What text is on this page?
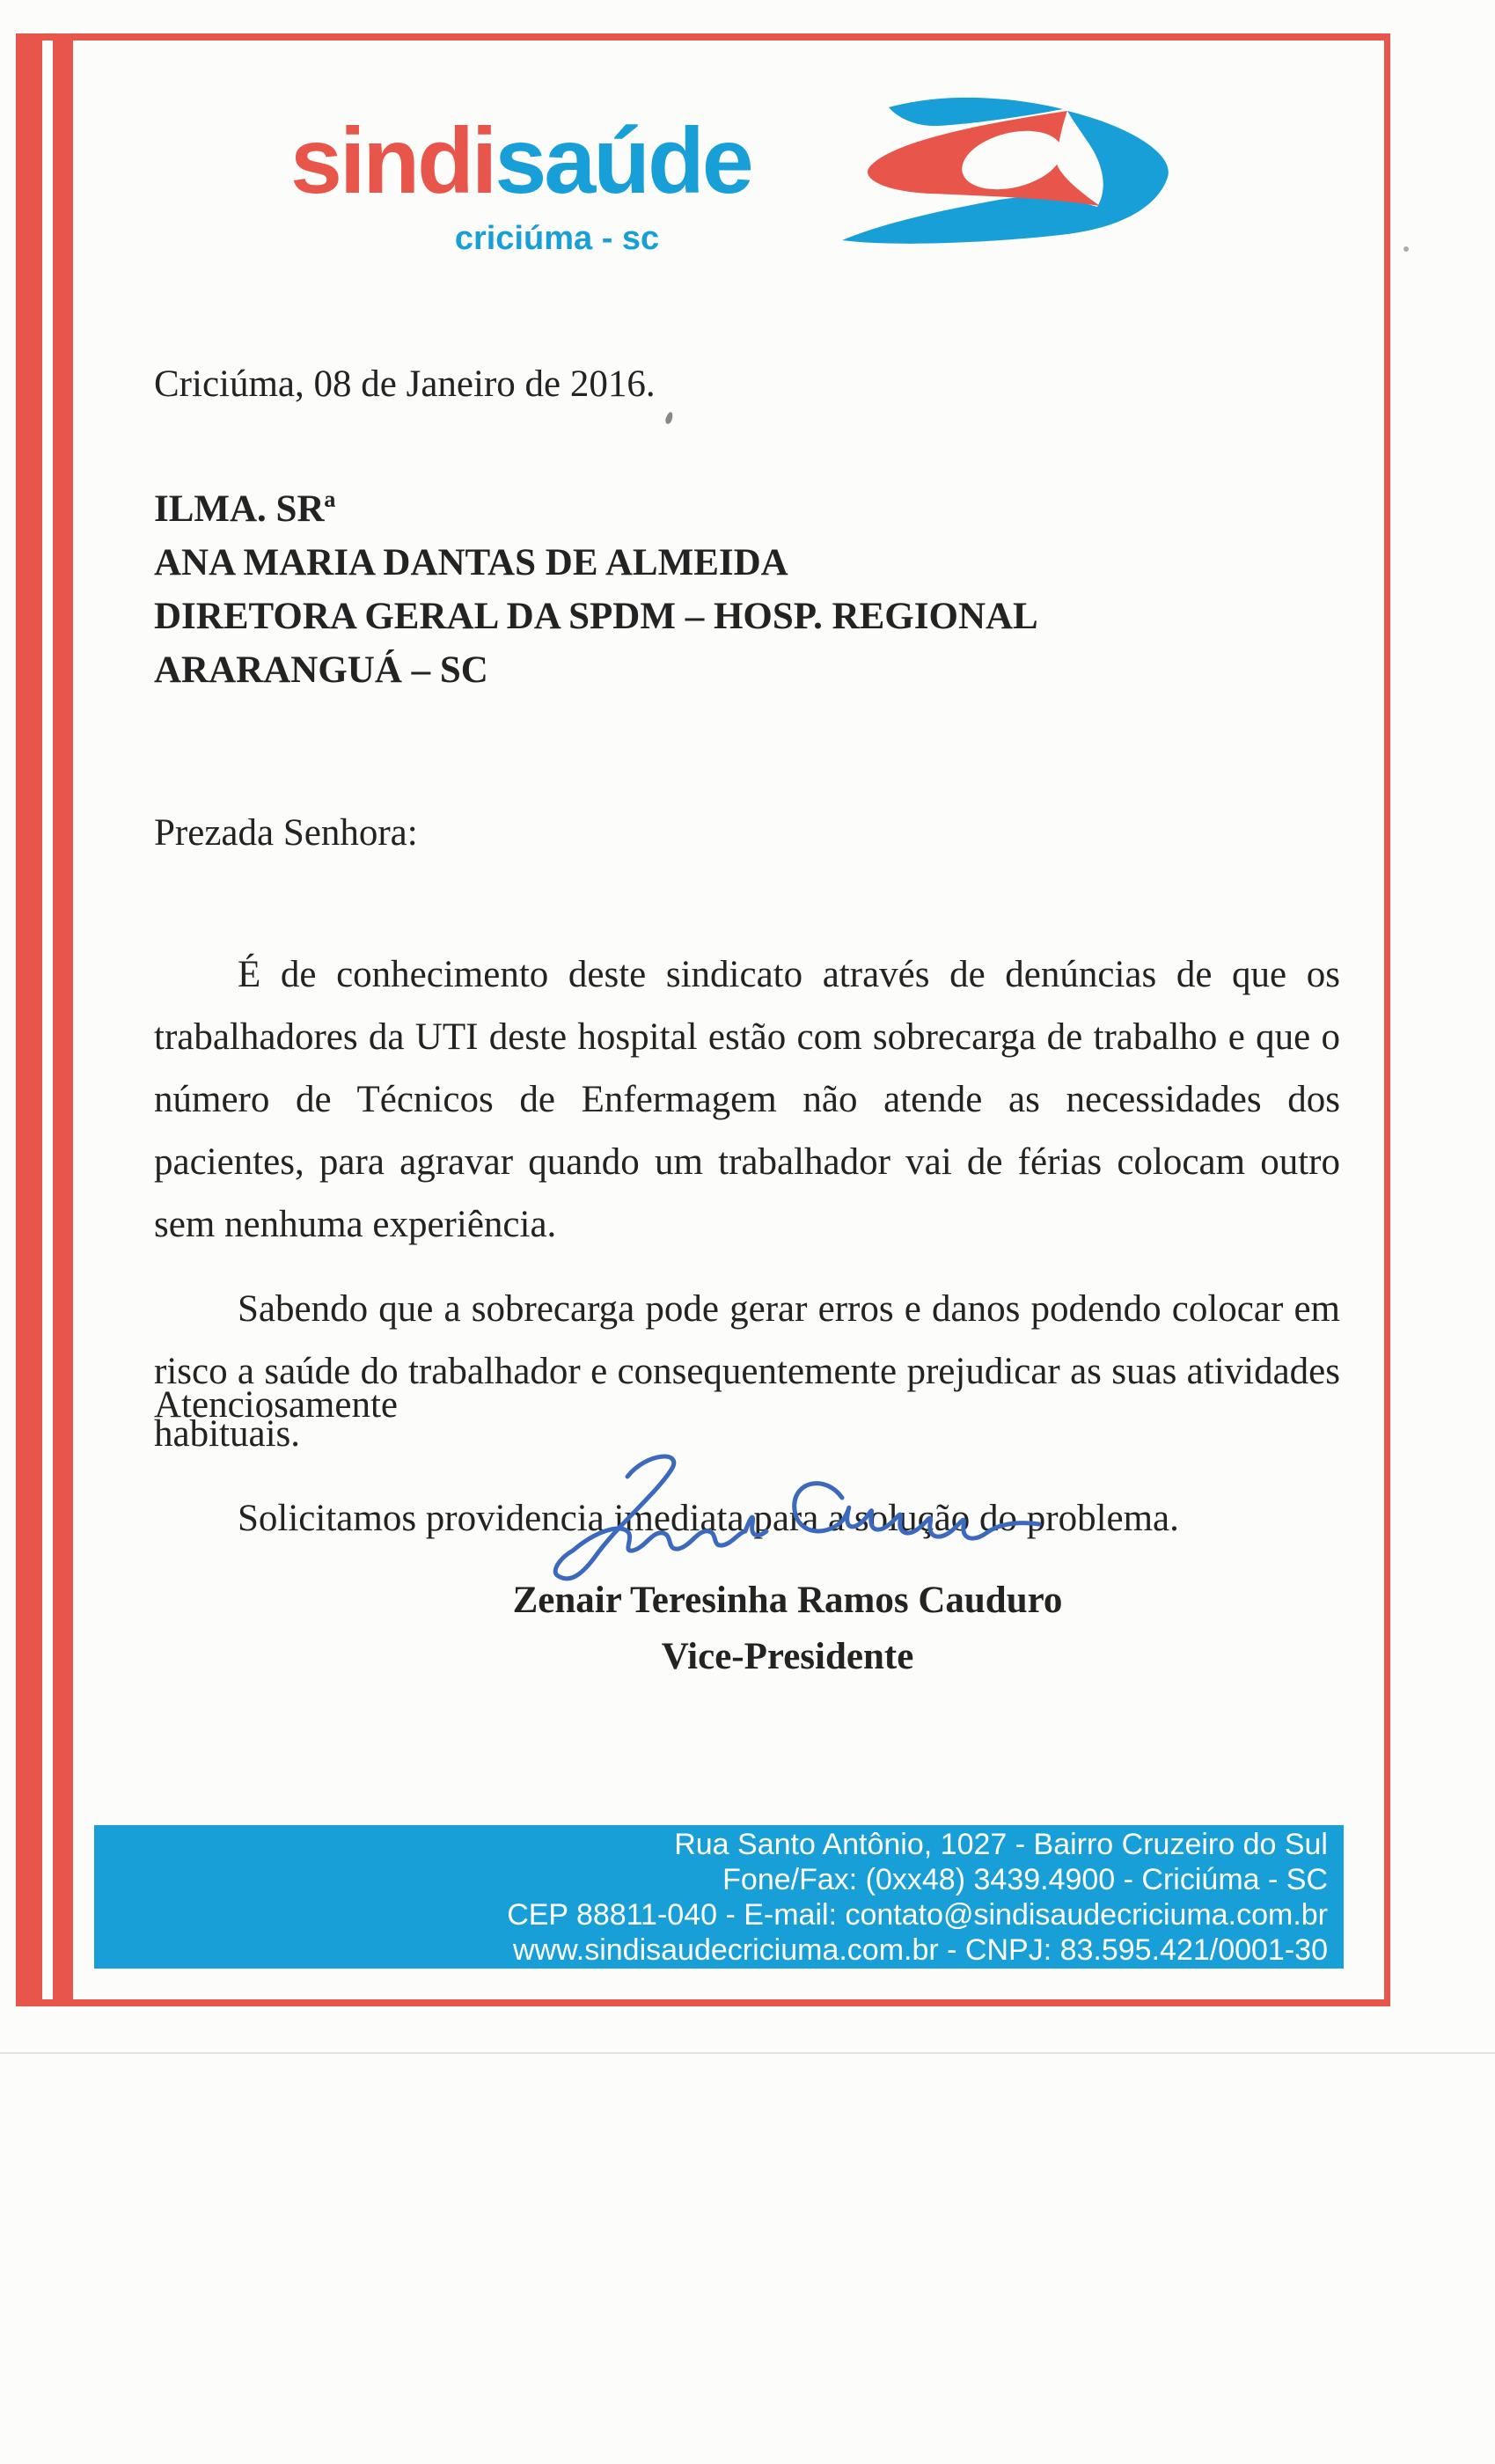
sindisaúde
criciúma - sc
Criciúma, 08 de Janeiro de 2016.
ILMA. SRª
ANA MARIA DANTAS DE ALMEIDA
DIRETORA GERAL DA SPDM – HOSP. REGIONAL
ARARANGUÁ – SC
Prezada Senhora:

É de conhecimento deste sindicato através de denúncias de que os trabalhadores da UTI deste hospital estão com sobrecarga de trabalho e que o número de Técnicos de Enfermagem não atende as necessidades dos pacientes, para agravar quando um trabalhador vai de férias colocam outro sem nenhuma experiência.

Sabendo que a sobrecarga pode gerar erros e danos podendo colocar em risco a saúde do trabalhador e consequentemente prejudicar as suas atividades habituais.

Solicitamos providencia imediata para a solução do problema.

Atenciosamente
Zenair Teresinha Ramos Cauduro
Vice-Presidente
Rua Santo Antônio, 1027 - Bairro Cruzeiro do Sul
Fone/Fax: (0xx48) 3439.4900 - Criciúma - SC
CEP 88811-040 - E-mail: contato@sindisaudecriciuma.com.br
www.sindisaudecriciuma.com.br - CNPJ: 83.595.421/0001-30
